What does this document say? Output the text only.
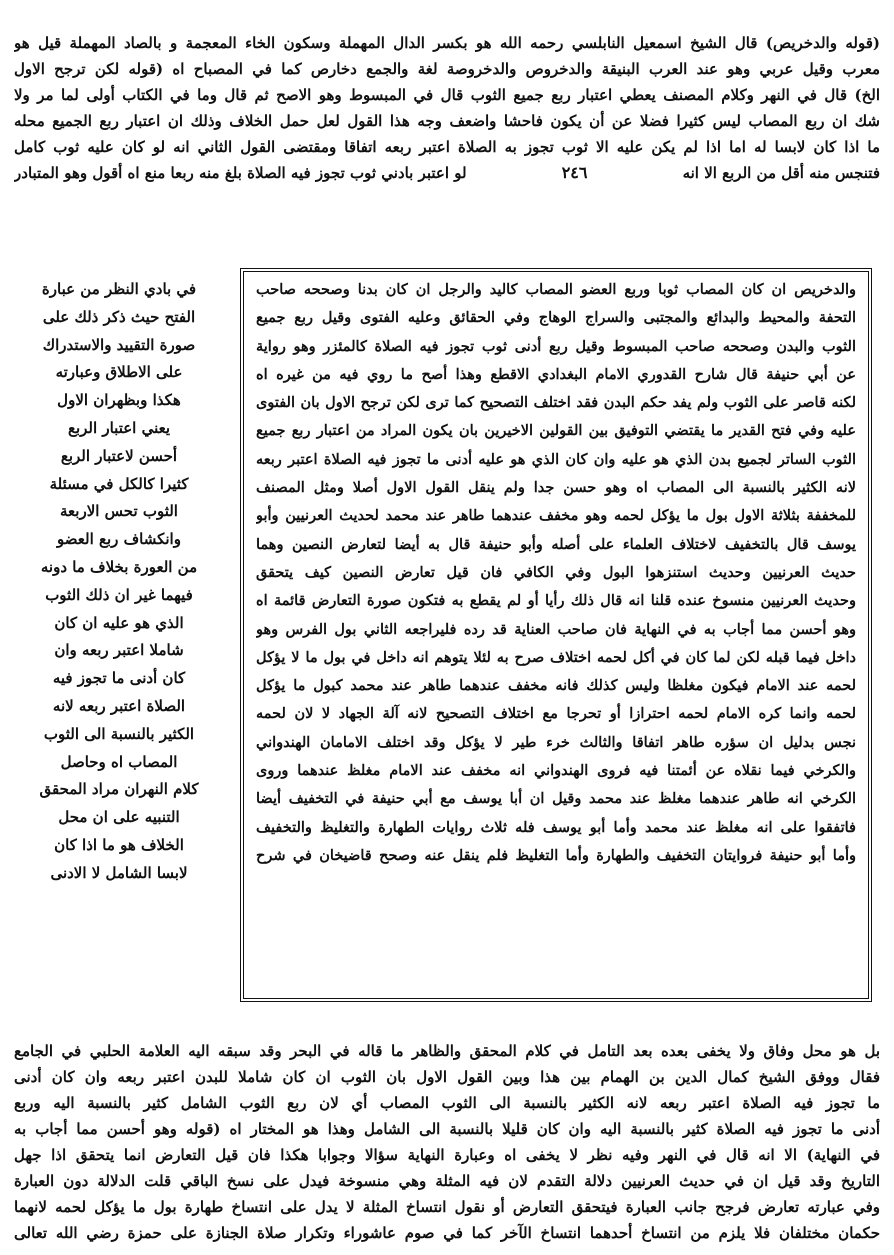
(قوله والدخريص) قال الشيخ اسمعيل النابلسي رحمه الله هو بكسر الدال المهملة وسكون الخاء المعجمة و بالصاد المهملة قيل هو
معرب وقيل عربي وهو عند العرب البنيقة والدخروص والدخروصة لغة والجمع دخارص كما في المصباح اه (قوله لكن ترجح الاول
الخ) قال في النهر وكلام المصنف يعطي اعتبار ربع جميع الثوب قال في المبسوط وهو الاصح ثم قال وما في الكتاب أولى لما مر ولا
شك ان ربع المصاب ليس كثيرا فضلا عن أن يكون فاحشا واضعف وجه هذا القول لعل حمل الخلاف وذلك ان اعتبار ربع الجميع محله
ما اذا كان لابسا له اما اذا لم يكن عليه الا ثوب تجوز به الصلاة اعتبر ربعه اتفاقا ومقتضى القول الثاني انه لو كان عليه ثوب كامل
فتنجس منه أقل من الربع الا انه
٢٤٦
لو اعتبر بادني ثوب تجوز فيه الصلاة بلغ منه ربعا منع اه أقول وهو المتبادر
والدخريص ان كان المصاب ثوبا وربع العضو المصاب كاليد والرجل ان كان بدنا وصححه صاحب
التحفة والمحيط والبدائع والمجتبى والسراج الوهاج وفي الحقائق وعليه الفتوى وقيل ربع جميع
الثوب والبدن وصححه صاحب المبسوط وقيل ربع أدنى ثوب تجوز فيه الصلاة كالمئزر وهو رواية
عن أبي حنيفة قال شارح القدوري الامام البغدادي الاقطع وهذا أصح ما روي فيه من غيره اه
لكنه قاصر على الثوب ولم يفد حكم البدن فقد اختلف التصحيح كما ترى لكن ترجح الاول بان الفتوى
عليه وفي فتح القدير ما يقتضي التوفيق بين القولين الاخيرين بان يكون المراد من اعتبار ربع جميع
الثوب الساتر لجميع بدن الذي هو عليه وان كان الذي هو عليه أدنى ما تجوز فيه الصلاة اعتبر ربعه
لانه الكثير بالنسبة الى المصاب اه وهو حسن جدا ولم ينقل القول الاول أصلا ومثل المصنف
للمخففة بثلاثة الاول بول ما يؤكل لحمه وهو مخفف عندهما طاهر عند محمد لحديث العرنيين وأبو
يوسف قال بالتخفيف لاختلاف العلماء على أصله وأبو حنيفة قال به أيضا لتعارض النصين وهما
حديث العرنيين وحديث استنزهوا البول وفي الكافي فان قيل تعارض النصين كيف يتحقق
وحديث العرنيين منسوخ عنده قلنا انه قال ذلك رأيا أو لم يقطع به فتكون صورة التعارض قائمة اه
وهو أحسن مما أجاب به في النهاية فان صاحب العناية قد رده فليراجعه الثاني بول الفرس وهو
داخل فيما قبله لكن لما كان في أكل لحمه اختلاف صرح به لئلا يتوهم انه داخل في بول ما لا يؤكل
لحمه عند الامام فيكون مغلظا وليس كذلك فانه مخفف عندهما طاهر عند محمد كبول ما يؤكل
لحمه وانما كره الامام لحمه احترازا أو تحرجا مع اختلاف التصحيح لانه آلة الجهاد لا لان لحمه
نجس بدليل ان سؤره طاهر اتفاقا والثالث خرء طير لا يؤكل وقد اختلف الامامان الهندواني
والكرخي فيما نقلاه عن أئمتنا فيه فروى الهندواني انه مخفف عند الامام مغلظ عندهما وروى
الكرخي انه طاهر عندهما مغلظ عند محمد وقيل ان أبا يوسف مع أبي حنيفة في التخفيف أيضا
فاتفقوا على انه مغلظ عند محمد وأما أبو يوسف فله ثلاث روايات الطهارة والتغليظ والتخفيف
وأما أبو حنيفة فروايتان التخفيف والطهارة وأما التغليظ فلم ينقل عنه وصحح قاضيخان في شرح
في بادي النظر من عبارة
الفتح حيث ذكر ذلك على
صورة التقييد والاستدراك
على الاطلاق وعبارته
هكذا وبظهران الاول
يعني اعتبار الربع
أحسن لاعتبار الربع
كثيرا كالكل في مسئلة
الثوب تحس الاربعة
وانكشاف ربع العضو
من العورة بخلاف ما دونه
فيهما غير ان ذلك الثوب
الذي هو عليه ان كان
شاملا اعتبر ربعه وان
كان أدنى ما تجوز فيه
الصلاة اعتبر ربعه لانه
الكثير بالنسبة الى الثوب
المصاب اه وحاصل
كلام النهران مراد المحقق
التنبيه على ان محل
الخلاف هو ما اذا كان
لابسا الشامل لا الادنى
بل هو محل وفاق ولا يخفى بعده بعد التامل في كلام المحقق والظاهر ما قاله في البحر وقد سبقه اليه العلامة الحلبي في الجامع
فقال ووفق الشيخ كمال الدين بن الهمام بين هذا وبين القول الاول بان الثوب ان كان شاملا للبدن اعتبر ربعه وان كان أدنى
ما تجوز فيه الصلاة اعتبر ربعه لانه الكثير بالنسبة الى الثوب المصاب أي لان ربع الثوب الشامل كثير بالنسبة اليه وربع
أدنى ما تجوز فيه الصلاة كثير بالنسبة اليه وان كان قليلا بالنسبة الى الشامل وهذا هو المختار اه (قوله وهو أحسن مما أجاب به
في النهاية) الا انه قال في النهر وفيه نظر لا يخفى اه وعبارة النهاية سؤالا وجوابا هكذا فان قيل التعارض انما يتحقق اذا جهل
التاريخ وقد قيل ان في حديث العرنيين دلالة التقدم لان فيه المثلة وهي منسوخة فيدل على نسخ الباقي قلت الدلالة دون العبارة
وفي عبارته تعارض فرجح جانب العبارة فيتحقق التعارض أو نقول انتساخ المثلة لا يدل على انتساخ طهارة بول ما يؤكل لحمه لانهما
حكمان مختلفان فلا يلزم من انتساخ أحدهما انتساخ الآخر كما في صوم عاشوراء وتكرار صلاة الجنازة على حمزة رضي الله تعالى
